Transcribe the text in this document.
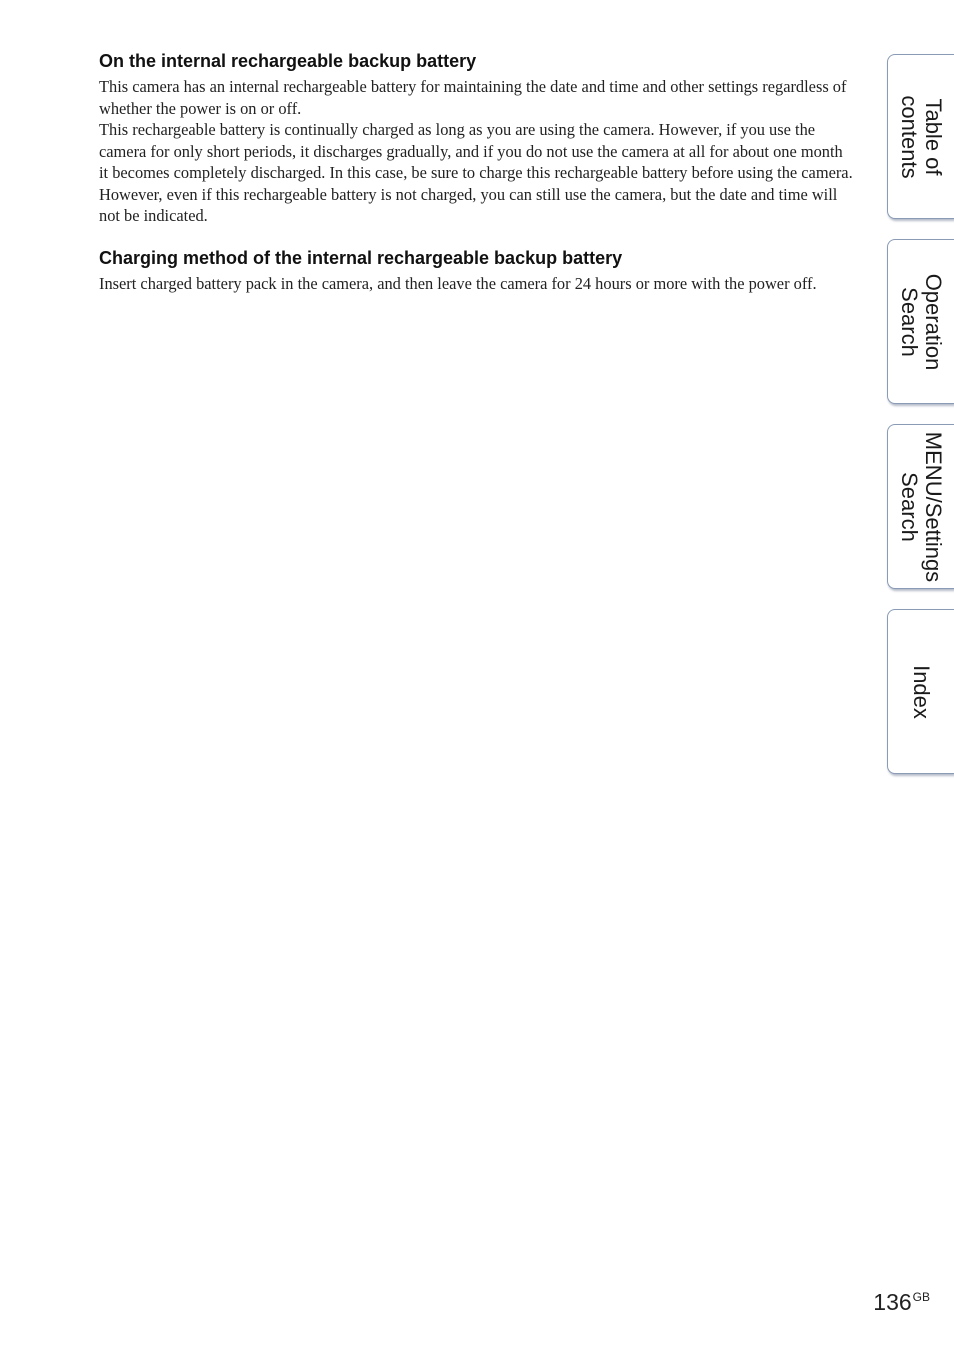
On the internal rechargeable backup battery

This camera has an internal rechargeable battery for maintaining the date and time and other settings regardless of whether the power is on or off.

This rechargeable battery is continually charged as long as you are using the camera. However, if you use the camera for only short periods, it discharges gradually, and if you do not use the camera at all for about one month it becomes completely discharged. In this case, be sure to charge this rechargeable battery before using the camera.

However, even if this rechargeable battery is not charged, you can still use the camera, but the date and time will not be indicated.

Charging method of the internal rechargeable backup battery

Insert charged battery pack in the camera, and then leave the camera for 24 hours or more with the power off.

Table of
contents
Operation
Search
MENU/Settings
Search
Index
$136^{GB}$
